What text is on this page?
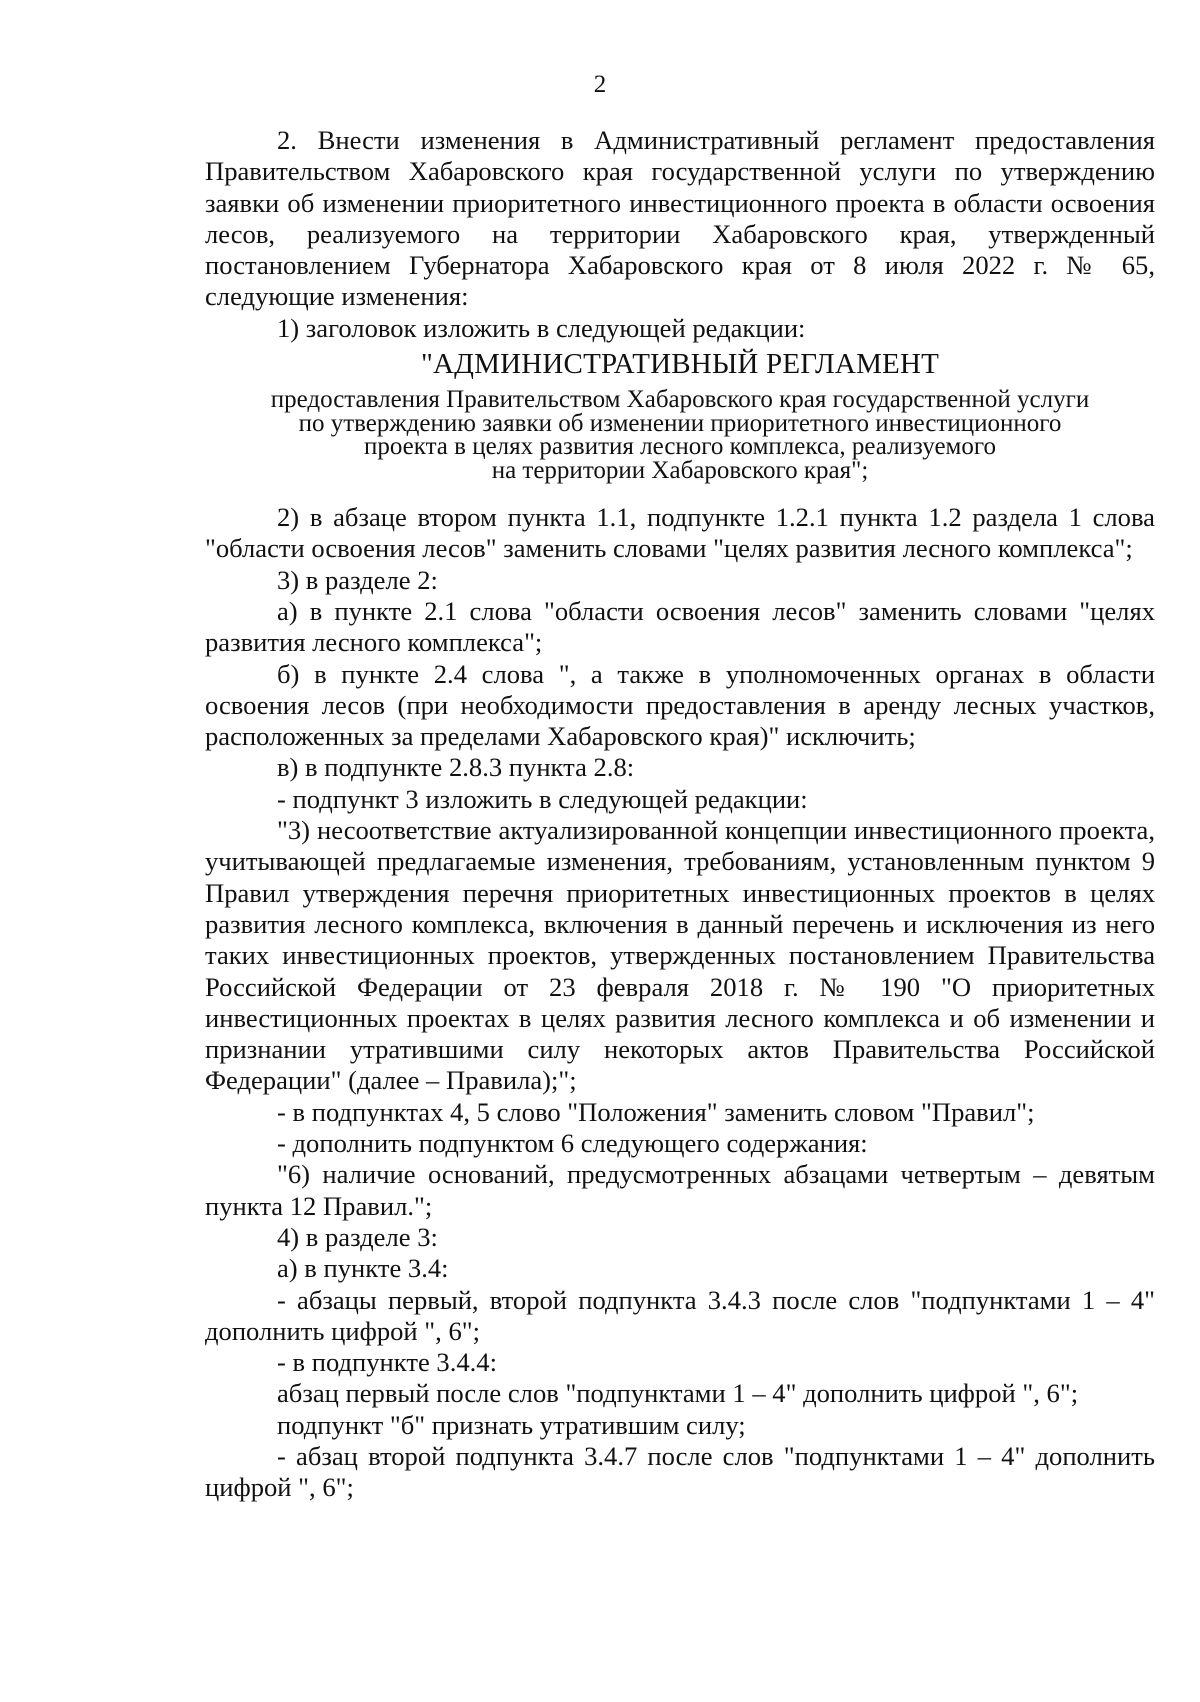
2

2. Внести изменения в Административный регламент предоставления Правительством Хабаровского края государственной услуги по утверждению заявки об изменении приоритетного инвестиционного проекта в области освоения лесов, реализуемого на территории Хабаровского края, утвержденный постановлением Губернатора Хабаровского края от 8 июля 2022 г. № 65, следующие изменения:

1) заголовок изложить в следующей редакции:

"АДМИНИСТРАТИВНЫЙ РЕГЛАМЕНТ
предоставления Правительством Хабаровского края государственной услуги
по утверждению заявки об изменении приоритетного инвестиционного
проекта в целях развития лесного комплекса, реализуемого
на территории Хабаровского края";

2) в абзаце втором пункта 1.1, подпункте 1.2.1 пункта 1.2 раздела 1 слова "области освоения лесов" заменить словами "целях развития лесного комплекса";

3) в разделе 2:

а) в пункте 2.1 слова "области освоения лесов" заменить словами "целях развития лесного комплекса";

б) в пункте 2.4 слова ", а также в уполномоченных органах в области освоения лесов (при необходимости предоставления в аренду лесных участков, расположенных за пределами Хабаровского края)" исключить;

в) в подпункте 2.8.3 пункта 2.8:

- подпункт 3 изложить в следующей редакции:

"3) несоответствие актуализированной концепции инвестиционного проекта, учитывающей предлагаемые изменения, требованиям, установленным пунктом 9 Правил утверждения перечня приоритетных инвестиционных проектов в целях развития лесного комплекса, включения в данный перечень и исключения из него таких инвестиционных проектов, утвержденных постановлением Правительства Российской Федерации от 23 февраля 2018 г. № 190 "О приоритетных инвестиционных проектах в целях развития лесного комплекса и об изменении и признании утратившими силу некоторых актов Правительства Российской Федерации" (далее – Правила);";

- в подпунктах 4, 5 слово "Положения" заменить словом "Правил";

- дополнить подпунктом 6 следующего содержания:

"6) наличие оснований, предусмотренных абзацами четвертым – девятым пункта 12 Правил.";

4) в разделе 3:

а) в пункте 3.4:

- абзацы первый, второй подпункта 3.4.3 после слов "подпунктами 1 – 4" дополнить цифрой ", 6";

- в подпункте 3.4.4:

абзац первый после слов "подпунктами 1 – 4" дополнить цифрой ", 6";

подпункт "б" признать утратившим силу;

- абзац второй подпункта 3.4.7 после слов "подпунктами 1 – 4" дополнить цифрой ", 6";
